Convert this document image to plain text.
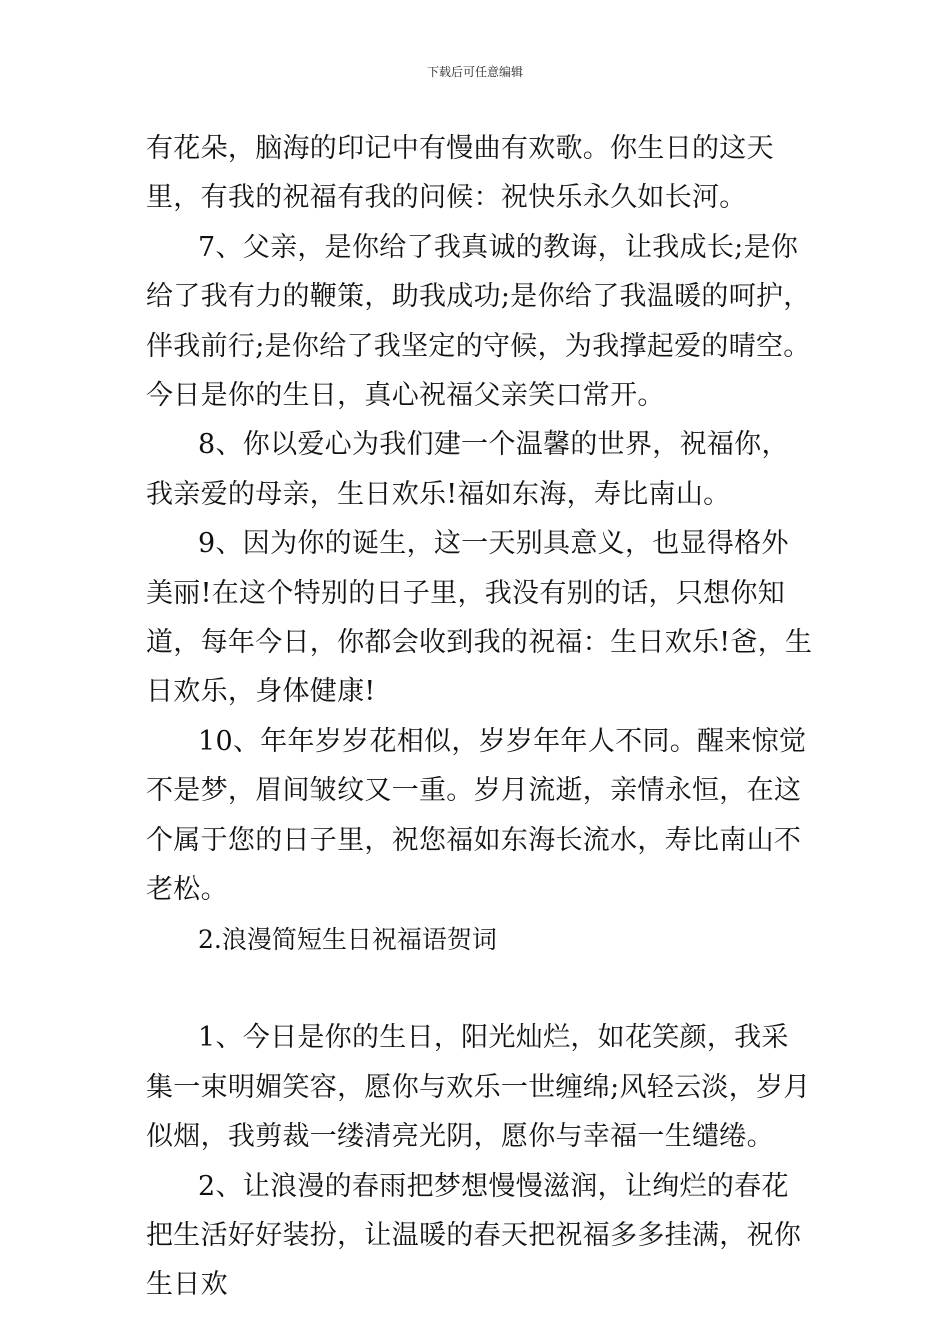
下载后可任意编辑

有花朵，脑海的印记中有慢曲有欢歌。你生日的这天里，有我的祝福有我的问候：祝快乐永久如长河。

7、父亲，是你给了我真诚的教诲，让我成长;是你给了我有力的鞭策，助我成功;是你给了我温暖的呵护，伴我前行;是你给了我坚定的守候，为我撑起爱的晴空。今日是你的生日，真心祝福父亲笑口常开。

8、你以爱心为我们建一个温馨的世界，祝福你，我亲爱的母亲，生日欢乐!福如东海，寿比南山。

9、因为你的诞生，这一天别具意义，也显得格外美丽!在这个特别的日子里，我没有别的话，只想你知道，每年今日，你都会收到我的祝福：生日欢乐!爸，生日欢乐，身体健康!

10、年年岁岁花相似，岁岁年年人不同。醒来惊觉不是梦，眉间皱纹又一重。岁月流逝，亲情永恒，在这个属于您的日子里，祝您福如东海长流水，寿比南山不老松。

2.浪漫简短生日祝福语贺词

1、今日是你的生日，阳光灿烂，如花笑颜，我采集一束明媚笑容，愿你与欢乐一世缠绵;风轻云淡，岁月似烟，我剪裁一缕清亮光阴，愿你与幸福一生缱绻。

2、让浪漫的春雨把梦想慢慢滋润，让绚烂的春花把生活好好装扮，让温暖的春天把祝福多多挂满，祝你生日欢
